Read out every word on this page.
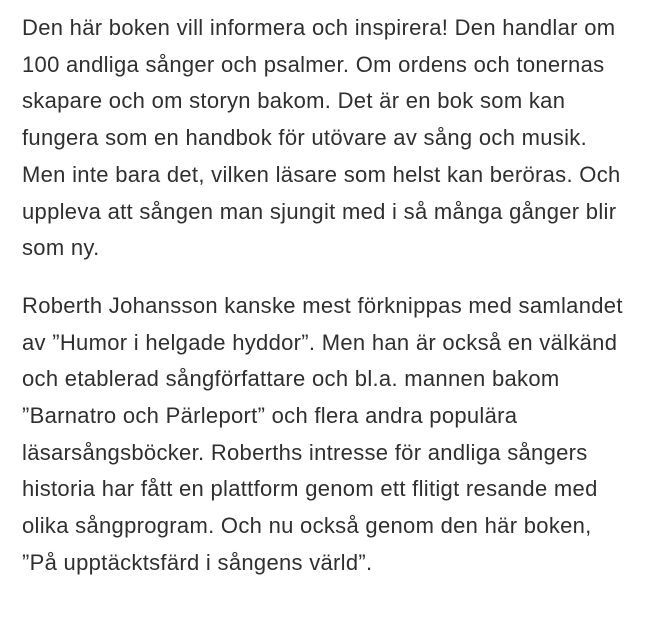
Den här boken vill informera och inspirera! Den handlar om 100 andliga sånger och psalmer. Om ordens och tonernas skapare och om storyn bakom. Det är en bok som kan fungera som en handbok för utövare av sång och musik. Men inte bara det, vilken läsare som helst kan beröras. Och uppleva att sången man sjungit med i så många gånger blir som ny.

Roberth Johansson kanske mest förknippas med samlandet av ”Humor i helgade hyddor”. Men han är också en välkänd och etablerad sångförfattare och bl.a. mannen bakom ”Barnatro och Pärleport” och flera andra populära läsarsångsböcker. Roberths intresse för andliga sångers historia har fått en plattform genom ett flitigt resande med olika sångprogram. Och nu också genom den här boken, ”På upptäcktsfärd i sångens värld”.
